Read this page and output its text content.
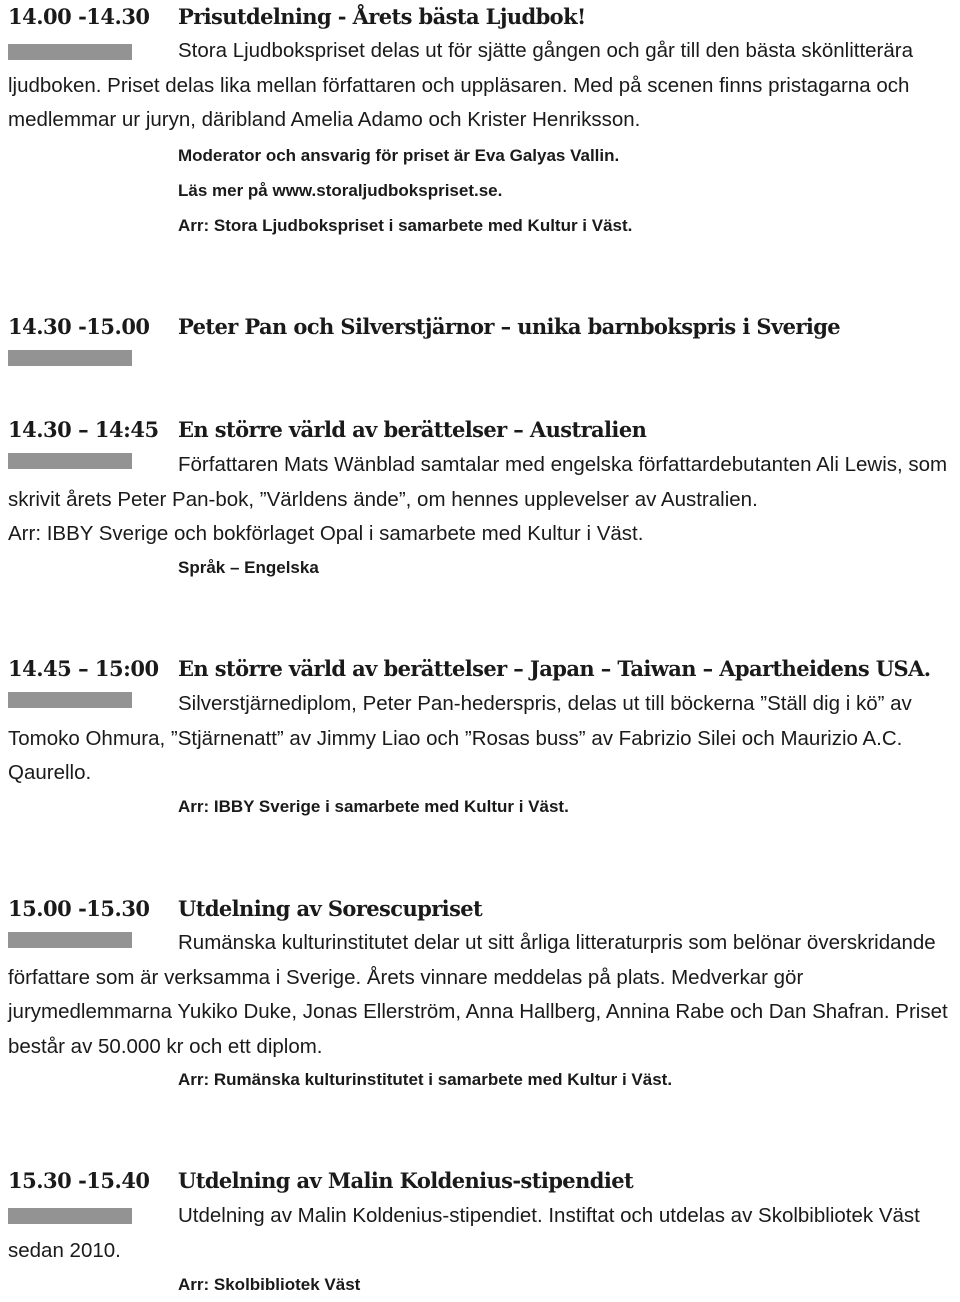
14.00 -14.30 Prisutdelning - Årets bästa Ljudbok!

Stora Ljudbokspriset delas ut för sjätte gången och går till den bästa skönlitterära ljudboken. Priset delas lika mellan författaren och uppläsaren. Med på scenen finns pristagarna och medlemmar ur juryn, däribland Amelia Adamo och Krister Henriksson.

Moderator och ansvarig för priset är Eva Galyas Vallin.
Läs mer på www.storaljudbokspriset.se.
Arr: Stora Ljudbokspriset i samarbete med Kultur i Väst.
14.30 -15.00 Peter Pan och Silverstjärnor – unika barnbokspris i Sverige
14.30 – 14:45 En större värld av berättelser – Australien

Författaren Mats Wänblad samtalar med engelska författardebutanten Ali Lewis, som skrivit årets Peter Pan-bok, ”Världens ände”, om hennes upplevelser av Australien.

Arr: IBBY Sverige och bokförlaget Opal i samarbete med Kultur i Väst.

Språk – Engelska
14.45 – 15:00 En större värld av berättelser – Japan – Taiwan – Apartheidens USA.

Silverstjärnediplom, Peter Pan-hederspris, delas ut till böckerna ”Ställ dig i kö” av Tomoko Ohmura, ”Stjärnenatt” av Jimmy Liao och ”Rosas buss” av Fabrizio Silei och Maurizio A.C. Qaurello.

Arr: IBBY Sverige i samarbete med Kultur i Väst.
15.00 -15.30 Utdelning av Sorescupriset

Rumänska kulturinstitutet delar ut sitt årliga litteraturpris som belönar överskridande författare som är verksamma i Sverige. Årets vinnare meddelas på plats. Medverkar gör jurymedlemmarna Yukiko Duke, Jonas Ellerström, Anna Hallberg, Annina Rabe och Dan Shafran. Priset består av 50.000 kr och ett diplom.

Arr: Rumänska kulturinstitutet i samarbete med Kultur i Väst.
15.30 -15.40 Utdelning av Malin Koldenius-stipendiet

Utdelning av Malin Koldenius-stipendiet. Instiftat och utdelas av Skolbibliotek Väst sedan 2010.

Arr: Skolbibliotek Väst
